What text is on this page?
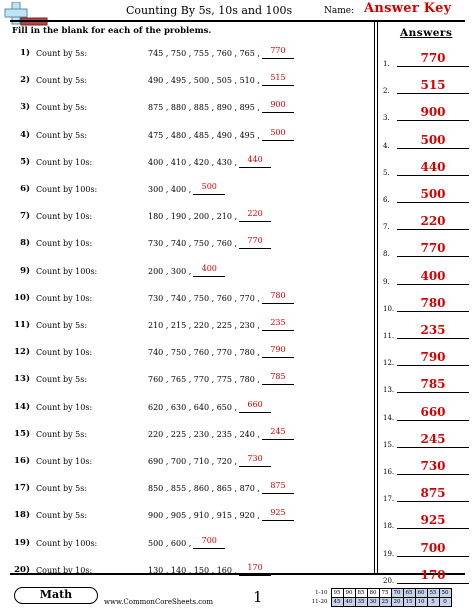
Counting By 5s, 10s and 100s	Name: Answer Key
Fill in the blank for each of the problems.	Answers
1) Count by 5s:	745 , 750 , 755 , 760 , 765 , 770
2) Count by 5s:	490 , 495 , 500 , 505 , 510 , 515
3) Count by 5s:	875 , 880 , 885 , 890 , 895 , 900
4) Count by 5s:	475 , 480 , 485 , 490 , 495 , 500
5) Count by 10s:	400 , 410 , 420 , 430 , 440
6) Count by 100s:	300 , 400 , 500
7) Count by 10s:	180 , 190 , 200 , 210 , 220
8) Count by 10s:	730 , 740 , 750 , 760 , 770
9) Count by 100s:	200 , 300 , 400
10) Count by 10s:	730 , 740 , 750 , 760 , 770 , 780
11) Count by 5s:	210 , 215 , 220 , 225 , 230 , 235
12) Count by 10s:	740 , 750 , 760 , 770 , 780 , 790
13) Count by 5s:	760 , 765 , 770 , 775 , 780 , 785
14) Count by 10s:	620 , 630 , 640 , 650 , 660
15) Count by 5s:	220 , 225 , 230 , 235 , 240 , 245
16) Count by 10s:	690 , 700 , 710 , 720 , 730
17) Count by 5s:	850 , 855 , 860 , 865 , 870 , 875
18) Count by 5s:	900 , 905 , 910 , 915 , 920 , 925
19) Count by 100s:	500 , 600 , 700
20) Count by 10s:	130 , 140 , 150 , 160 , 170
1.	770
2.	515
3.	900
4.	500
5.	440
6.	500
7.	220
8.	770
9.	400
10.	780
11.	235
12.	790
13.	785
14.	660
15.	245
16.	730
17.	875
18.	925
19.	700
20.	170
Math
www.CommonCoreSheets.com	1	1-10	95	90	85	80	75	70	65	60	55	50
11-20	45	40	35	30	25	20	15	10	5	0
